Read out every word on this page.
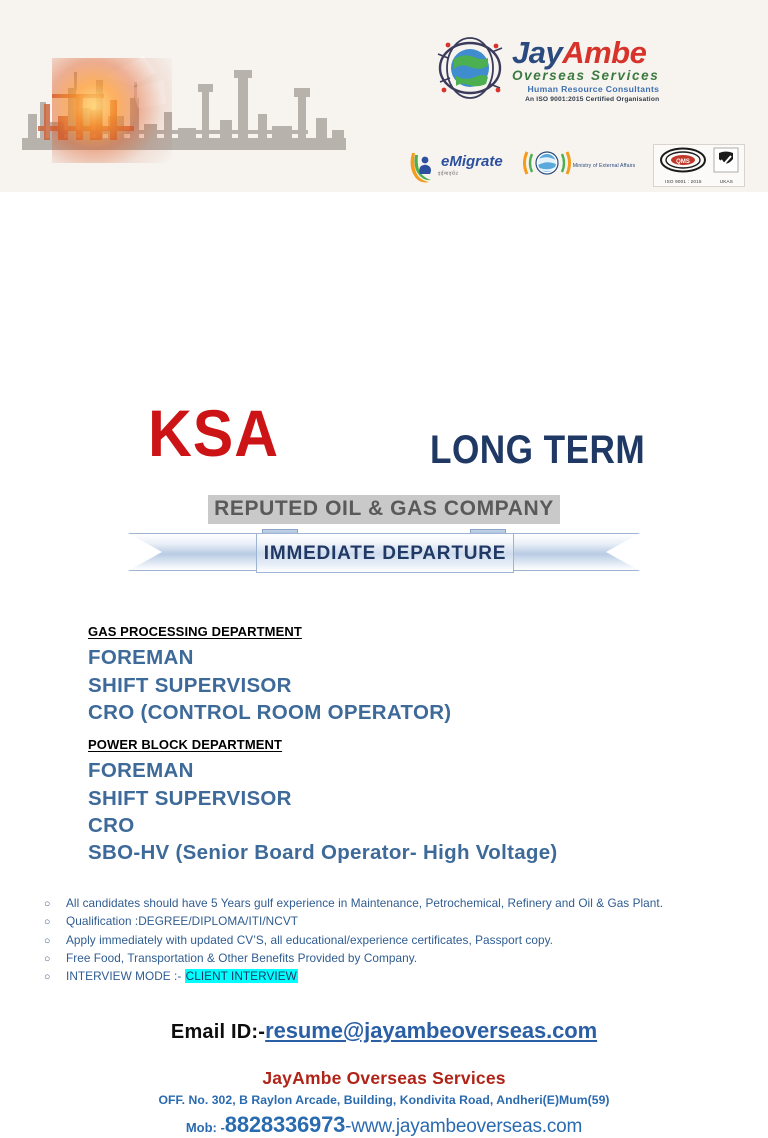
JayAmbe
Overseas Services
Human Resource Consultants
An ISO 9001:2015 Certified Organisation
eMigrate
इईमाइग्रेट
Ministry of External Affairs
QMS
ISO 9001 : 2015	UKAS
KSA	LONG TERM
REPUTED OIL & GAS COMPANY
IMMEDIATE DEPARTURE
GAS PROCESSING DEPARTMENT
FOREMAN
SHIFT SUPERVISOR
CRO (CONTROL ROOM OPERATOR)
POWER BLOCK DEPARTMENT
FOREMAN
SHIFT SUPERVISOR
CRO
SBO-HV (Senior Board Operator- High Voltage)
○	All candidates should have 5 Years gulf experience in Maintenance, Petrochemical, Refinery and Oil & Gas Plant.
○	Qualification :DEGREE/DIPLOMA/ITI/NCVT
○	Apply immediately with updated CV’S, all educational/experience certificates, Passport copy.
○	Free Food, Transportation & Other Benefits Provided by Company.
○	INTERVIEW MODE :- CLIENT INTERVIEW
Email ID:-resume@jayambeoverseas.com
JayAmbe Overseas Services
OFF. No. 302, B Raylon Arcade, Building, Kondivita Road, Andheri(E)Mum(59)
Mob: -8828336973-www.jayambeoverseas.com
